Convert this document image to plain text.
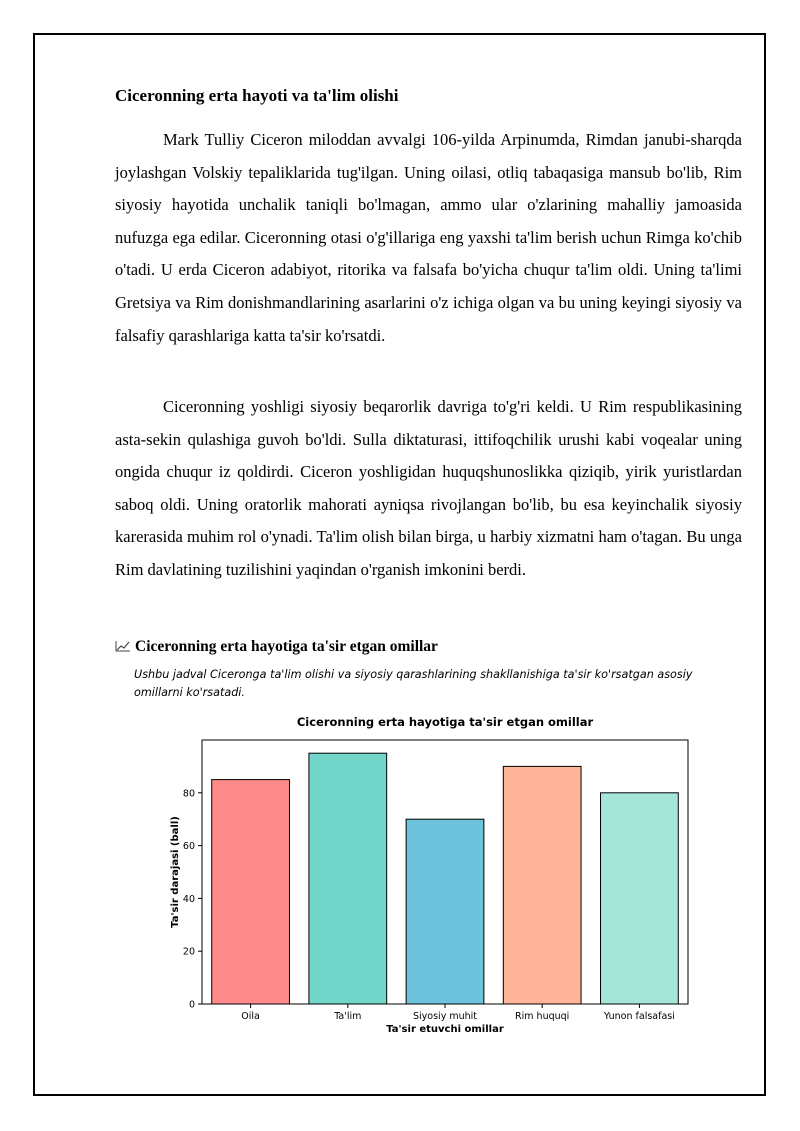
Ciceronning erta hayoti va ta'lim olishi

Mark Tulliy Ciceron miloddan avvalgi 106-yilda Arpinumda, Rimdan janubi-sharqda joylashgan Volskiy tepaliklarida tug'ilgan. Uning oilasi, otliq tabaqasiga mansub bo'lib, Rim siyosiy hayotida unchalik taniqli bo'lmagan, ammo ular o'zlarining mahalliy jamoasida nufuzga ega edilar. Ciceronning otasi o'g'illariga eng yaxshi ta'lim berish uchun Rimga ko'chib o'tadi. U erda Ciceron adabiyot, ritorika va falsafa bo'yicha chuqur ta'lim oldi. Uning ta'limi Gretsiya va Rim donishmandlarining asarlarini o'z ichiga olgan va bu uning keyingi siyosiy va falsafiy qarashlariga katta ta'sir ko'rsatdi.

Ciceronning yoshligi siyosiy beqarorlik davriga to'g'ri keldi. U Rim respublikasining asta-sekin qulashiga guvoh bo'ldi. Sulla diktaturasi, ittifoqchilik urushi kabi voqealar uning ongida chuqur iz qoldirdi. Ciceron yoshligidan huquqshunoslikka qiziqib, yirik yuristlardan saboq oldi. Uning oratorlik mahorati ayniqsa rivojlangan bo'lib, bu esa keyinchalik siyosiy karerasida muhim rol o'ynadi. Ta'lim olish bilan birga, u harbiy xizmatni ham o'tagan. Bu unga Rim davlatining tuzilishini yaqindan o'rganish imkonini berdi.

Ciceronning erta hayotiga ta'sir etgan omillar

Ushbu jadval Ciceronga ta'lim olishi va siyosiy qarashlarining shakllanishiga ta'sir ko'rsatgan asosiy omillarni ko'rsatadi.

Ciceronning erta hayotiga ta'sir etgan omillar
Oila	Ta'lim	Siyosiy muhit	Rim huquqi	Yunon falsafasi
0
20
40
60
80
Ta'sir etuvchi omillar
Ta'sir darajasi (ball)
